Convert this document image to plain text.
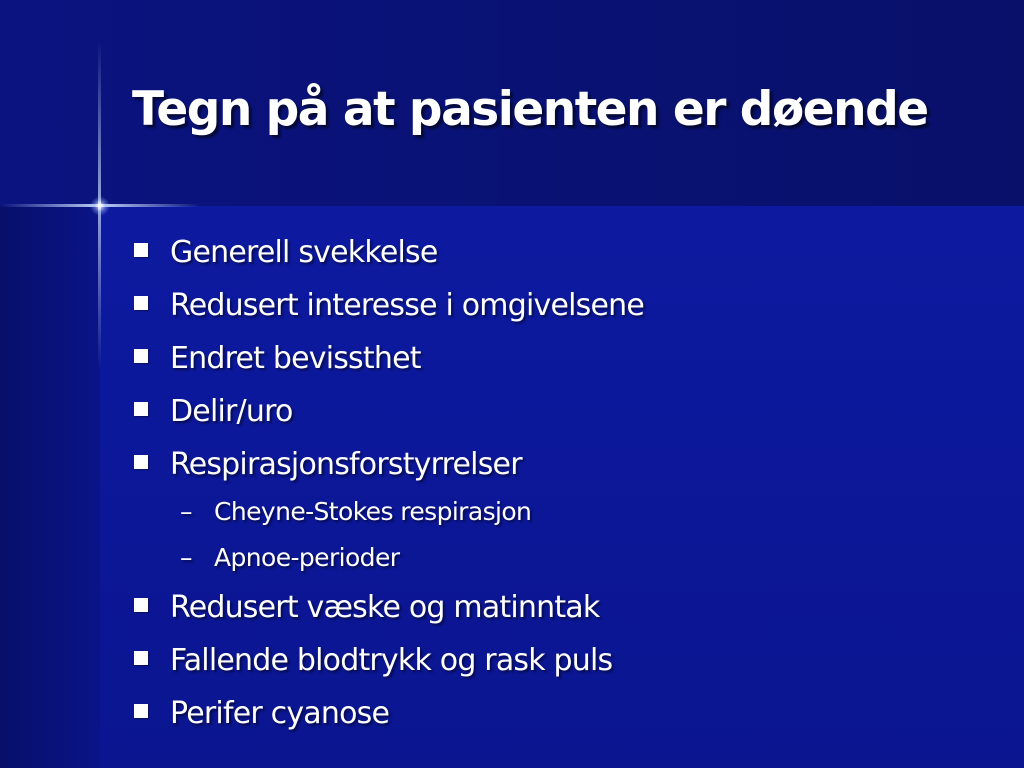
Tegn på at pasienten er døende
Generell svekkelse
Redusert interesse i omgivelsene
Endret bevissthet
Delir/uro
Respirasjonsforstyrrelser
– Cheyne-Stokes respirasjon
– Apnoe-perioder
Redusert væske og matinntak
Fallende blodtrykk og rask puls
Perifer cyanose
